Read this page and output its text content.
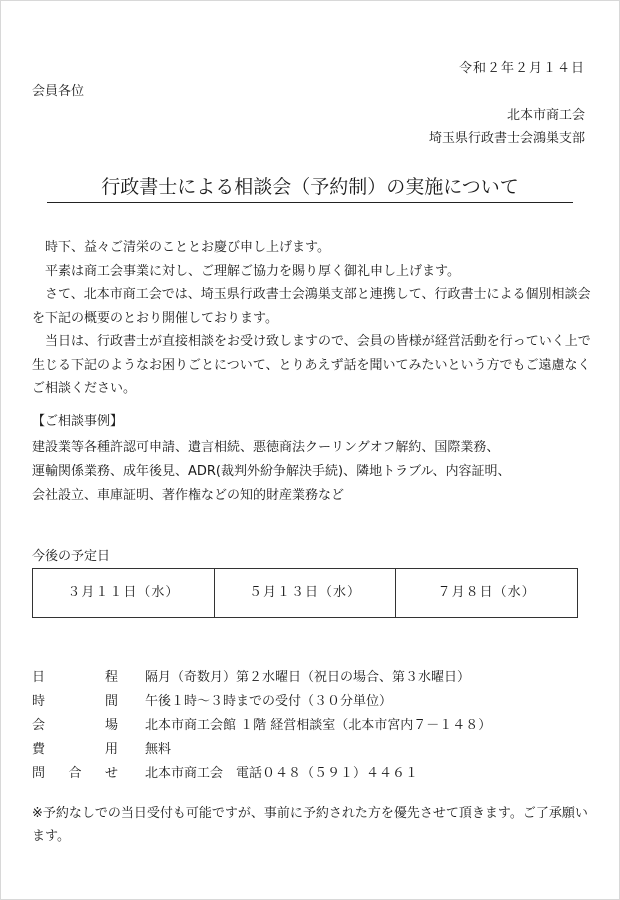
令和２年２月１４日
会員各位
北本市商工会
埼玉県行政書士会鴻巣支部
行政書士による相談会（予約制）の実施について

時下、益々ご清栄のこととお慶び申し上げます。

平素は商工会事業に対し、ご理解ご協力を賜り厚く御礼申し上げます。

さて、北本市商工会では、埼玉県行政書士会鴻巣支部と連携して、行政書士による個別相談会を下記の概要のとおり開催しております。

当日は、行政書士が直接相談をお受け致しますので、会員の皆様が経営活動を行っていく上で生じる下記のようなお困りごとについて、とりあえず話を聞いてみたいという方でもご遠慮なくご相談ください。

【ご相談事例】
建設業等各種許認可申請、遺言相続、悪徳商法クーリングオフ解約、国際業務、
運輸関係業務、成年後見、ADR(裁判外紛争解決手続)、隣地トラブル、内容証明、
会社設立、車庫証明、著作権などの知的財産業務など
今後の予定日
３月１１日（水）	５月１３日（水）	７月８日（水）
日	程 隔月（奇数月）第２水曜日（祝日の場合、第３水曜日）
時	間 午後１時～３時までの受付（３０分単位）
会	場 北本市商工会館 １階 経営相談室（北本市宮内７－１４８）
費	用 無料
問 合 せ 北本市商工会　電話０４８（５９１）４４６１
※予約なしでの当日受付も可能ですが、事前に予約された方を優先させて頂きます。ご了承願います。
